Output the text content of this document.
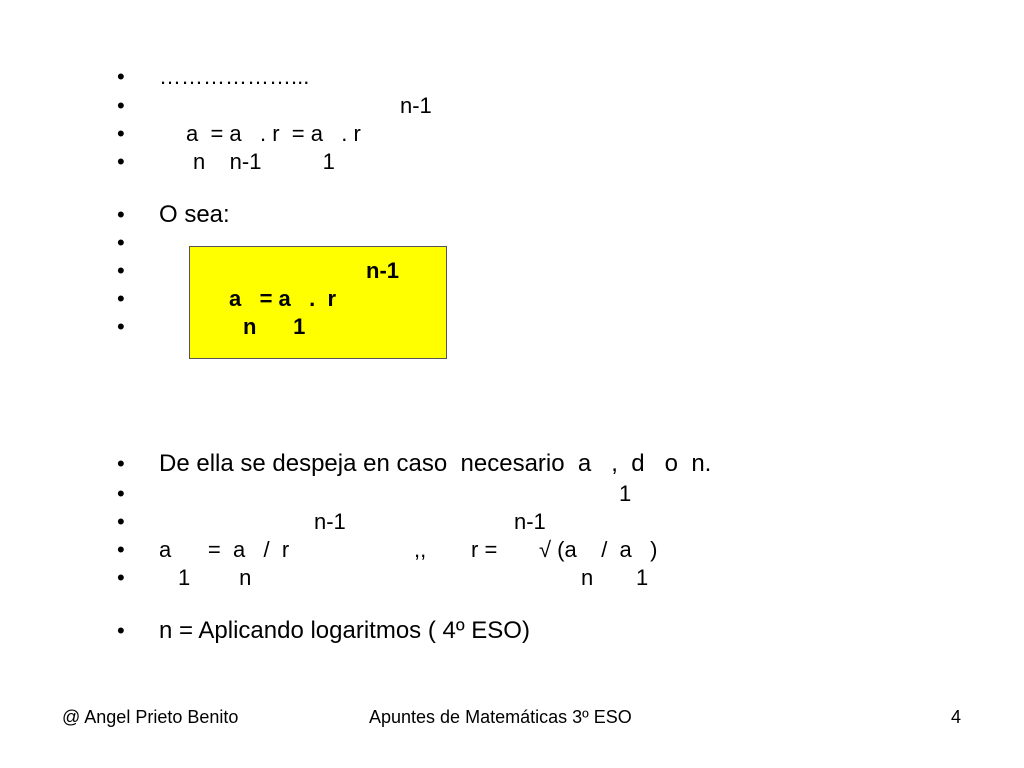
•

………………...

•

	n-1

•

	a  = a   . r  = a   . r

•

	n    n-1          1

•

O sea:

•

•

	n-1

•

	a   = a   .  r

•

	n      1

•

De ella se despeja en caso  necesario  a   ,  d   o  n.

•

	1

•

	n-1

	n-1

•

a      =  a   /  r

	,,

r =

√ (a    /  a   )

•

1        n

	n       1

•

n = Aplicando logaritmos ( 4º ESO)

@ Angel Prieto Benito	Apuntes de Matemáticas 3º ESO	4
